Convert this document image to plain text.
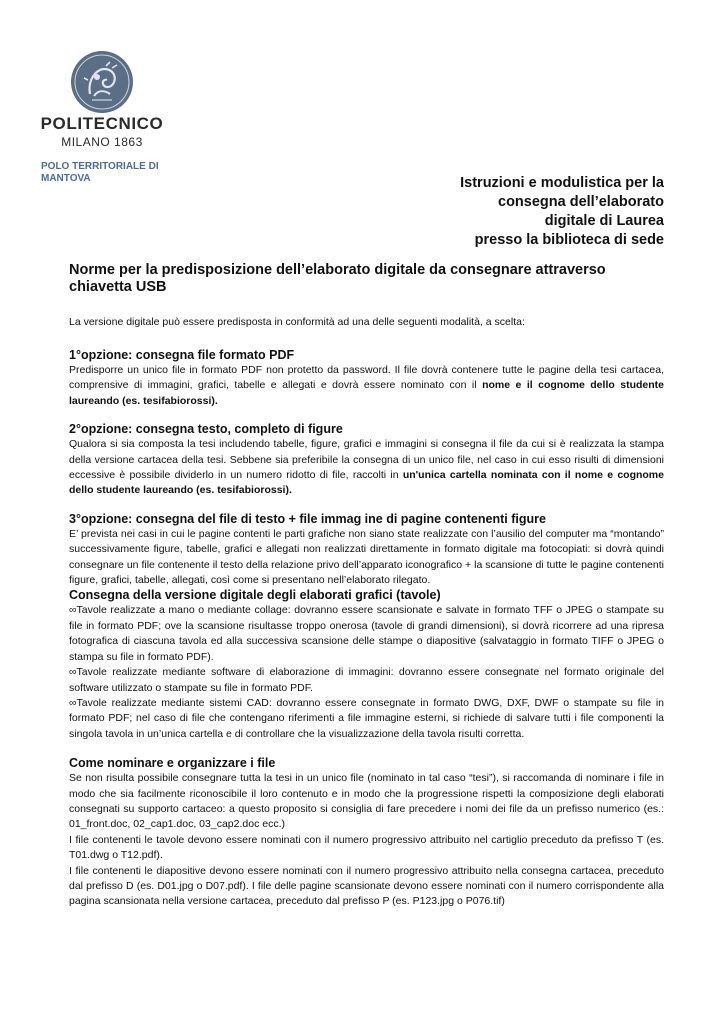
POLITECNICO
MILANO 1863
POLO TERRITORIALE DI
MANTOVA	Istruzioni e modulistica per la
consegna dell’elaborato
digitale di Laurea
presso la biblioteca di sede
Norme per la predisposizione dell’elaborato digitale da consegnare attraverso chiavetta USB
La versione digitale può essere predisposta in conformità ad una delle seguenti modalità, a scelta:
1°opzione: consegna file formato PDF

Predisporre un unico file in formato PDF non protetto da password. Il file dovrà contenere tutte le pagine della tesi cartacea, comprensive di immagini, grafici, tabelle e allegati e dovrà essere nominato con il nome e il cognome dello studente laureando (es. tesifabiorossi).

2°opzione: consegna testo, completo di figure

Qualora si sia composta la tesi includendo tabelle, figure, grafici e immagini si consegna il file da cui si è realizzata la stampa della versione cartacea della tesi. Sebbene sia preferibile la consegna di un unico file, nel caso in cui esso risulti di dimensioni eccessive è possibile dividerlo in un numero ridotto di file, raccolti in un'unica cartella nominata con il nome e cognome dello studente laureando (es. tesifabiorossi).

3°opzione: consegna del file di testo + file immag ine di pagine contenenti figure

E’ prevista nei casi in cui le pagine contenti le parti grafiche non siano state realizzate con l’ausilio del computer ma “montando” successivamente figure, tabelle, grafici e allegati non realizzati direttamente in formato digitale ma fotocopiati: si dovrà quindi consegnare un file contenente il testo della relazione privo dell’apparato iconografico + la scansione di tutte le pagine contenenti figure, grafici, tabelle, allegati, così come si presentano nell’elaborato rilegato.

Consegna della versione digitale degli elaborati grafici (tavole)

∞Tavole realizzate a mano o mediante collage: dovranno essere scansionate e salvate in formato TFF o JPEG o stampate su file in formato PDF; ove la scansione risultasse troppo onerosa (tavole di grandi dimensioni), si dovrà ricorrere ad una ripresa fotografica di ciascuna tavola ed alla successiva scansione delle stampe o diapositive (salvataggio in formato TIFF o JPEG o stampa su file in formato PDF).

∞Tavole realizzate mediante software di elaborazione di immagini: dovranno essere consegnate nel formato originale del software utilizzato o stampate su file in formato PDF.

∞Tavole realizzate mediante sistemi CAD: dovranno essere consegnate in formato DWG, DXF, DWF o stampate su file in formato PDF; nel caso di file che contengano riferimenti a file immagine esterni, si richiede di salvare tutti i file componenti la singola tavola in un’unica cartella e di controllare che la visualizzazione della tavola risulti corretta.

Come nominare e organizzare i file

Se non risulta possibile consegnare tutta la tesi in un unico file (nominato in tal caso “tesi”), si raccomanda di nominare i file in modo che sia facilmente riconoscibile il loro contenuto e in modo che la progressione rispetti la composizione degli elaborati consegnati su supporto cartaceo: a questo proposito si consiglia di fare precedere i nomi dei file da un prefisso numerico (es.: 01_front.doc, 02_cap1.doc, 03_cap2.doc ecc.)

I file contenenti le tavole devono essere nominati con il numero progressivo attribuito nel cartiglio preceduto da prefisso T (es. T01.dwg o T12.pdf).

I file contenenti le diapositive devono essere nominati con il numero progressivo attribuito nella consegna cartacea, preceduto dal prefisso D (es. D01.jpg o D07.pdf). I file delle pagine scansionate devono essere nominati con il numero corrispondente alla pagina scansionata nella versione cartacea, preceduto dal prefisso P (es. P123.jpg o P076.tif)
